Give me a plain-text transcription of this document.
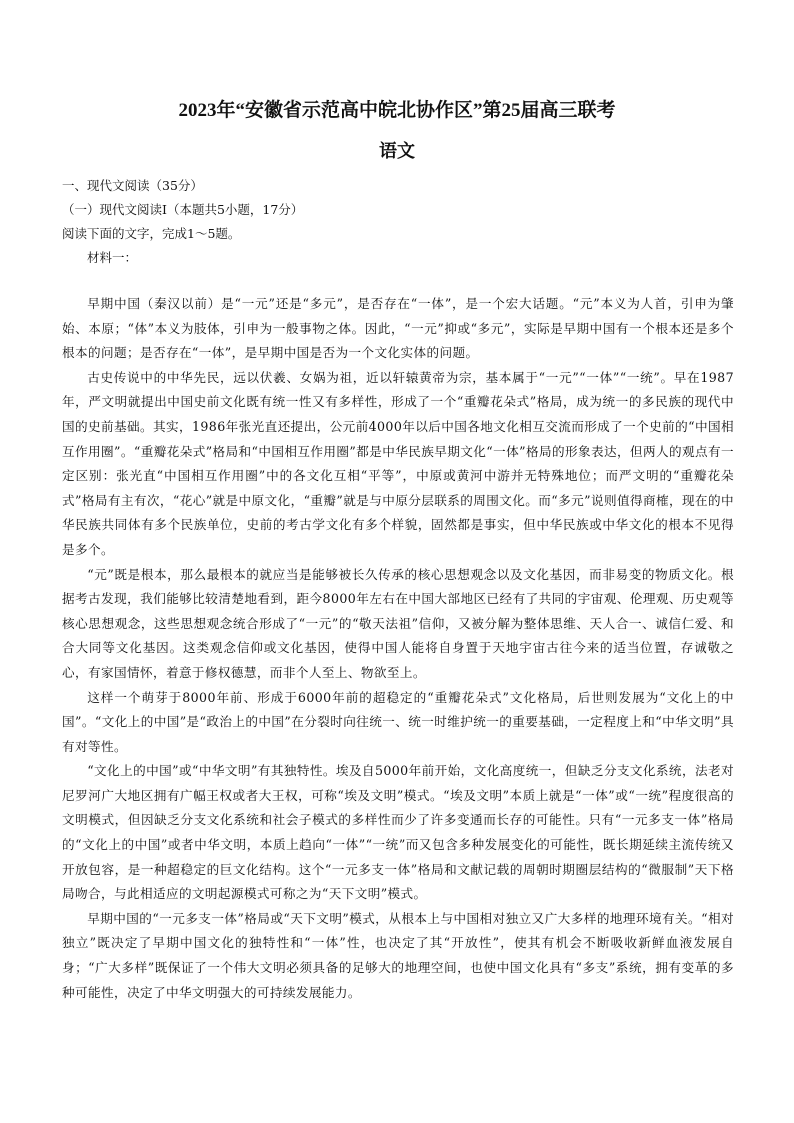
2023年“安徽省示范高中皖北协作区”第25届高三联考
语文
一、现代文阅读（35分）
（一）现代文阅读Ⅰ（本题共5小题，17分）
阅读下面的文字，完成1～5题。
材料一：

早期中国（秦汉以前）是“一元”还是“多元”，是否存在“一体”，是一个宏大话题。“元”本义为人首，引申为肇始、本原；“体”本义为肢体，引申为一般事物之体。因此，“一元”抑或“多元”，实际是早期中国有一个根本还是多个根本的问题；是否存在“一体”，是早期中国是否为一个文化实体的问题。

古史传说中的中华先民，远以伏羲、女娲为祖，近以轩辕黄帝为宗，基本属于“一元”“一体”“一统”。早在1987年，严文明就提出中国史前文化既有统一性又有多样性，形成了一个“重瓣花朵式”格局，成为统一的多民族的现代中国的史前基础。其实，1986年张光直还提出，公元前4000年以后中国各地文化相互交流而形成了一个史前的“中国相互作用圈”。“重瓣花朵式”格局和“中国相互作用圈”都是中华民族早期文化“一体”格局的形象表达，但两人的观点有一定区别：张光直“中国相互作用圈”中的各文化互相“平等”，中原或黄河中游并无特殊地位；而严文明的“重瓣花朵式”格局有主有次，“花心”就是中原文化，“重瓣”就是与中原分层联系的周围文化。而“多元”说则值得商榷，现在的中华民族共同体有多个民族单位，史前的考古学文化有多个样貌，固然都是事实，但中华民族或中华文化的根本不见得是多个。

“元”既是根本，那么最根本的就应当是能够被长久传承的核心思想观念以及文化基因，而非易变的物质文化。根据考古发现，我们能够比较清楚地看到，距今8000年左右在中国大部地区已经有了共同的宇宙观、伦理观、历史观等核心思想观念，这些思想观念统合形成了“一元”的“敬天法祖”信仰，又被分解为整体思维、天人合一、诚信仁爱、和合大同等文化基因。这类观念信仰或文化基因，使得中国人能将自身置于天地宇宙古往今来的适当位置，存诚敬之心，有家国情怀，着意于修权德慧，而非个人至上、物欲至上。

这样一个萌芽于8000年前、形成于6000年前的超稳定的“重瓣花朵式”文化格局，后世则发展为“文化上的中国”。“文化上的中国”是“政治上的中国”在分裂时向往统一、统一时维护统一的重要基础，一定程度上和“中华文明”具有对等性。

“文化上的中国”或“中华文明”有其独特性。埃及自5000年前开始，文化高度统一，但缺乏分支文化系统，法老对尼罗河广大地区拥有广幅王权或者大王权，可称“埃及文明”模式。“埃及文明”本质上就是“一体”或“一统”程度很高的文明模式，但因缺乏分支文化系统和社会子模式的多样性而少了许多变通而长存的可能性。只有“一元多支一体”格局的“文化上的中国”或者中华文明，本质上趋向“一体”“一统”而又包含多种发展变化的可能性，既长期延续主流传统又开放包容，是一种超稳定的巨文化结构。这个“一元多支一体”格局和文献记载的周朝时期圈层结构的“微服制”天下格局吻合，与此相适应的文明起源模式可称之为“天下文明”模式。

早期中国的“一元多支一体”格局或“天下文明”模式，从根本上与中国相对独立又广大多样的地理环境有关。“相对独立”既决定了早期中国文化的独特性和“一体”性，也决定了其“开放性”，使其有机会不断吸收新鲜血液发展自身；“广大多样”既保证了一个伟大文明必须具备的足够大的地理空间，也使中国文化具有“多支”系统，拥有变革的多种可能性，决定了中华文明强大的可持续发展能力。
